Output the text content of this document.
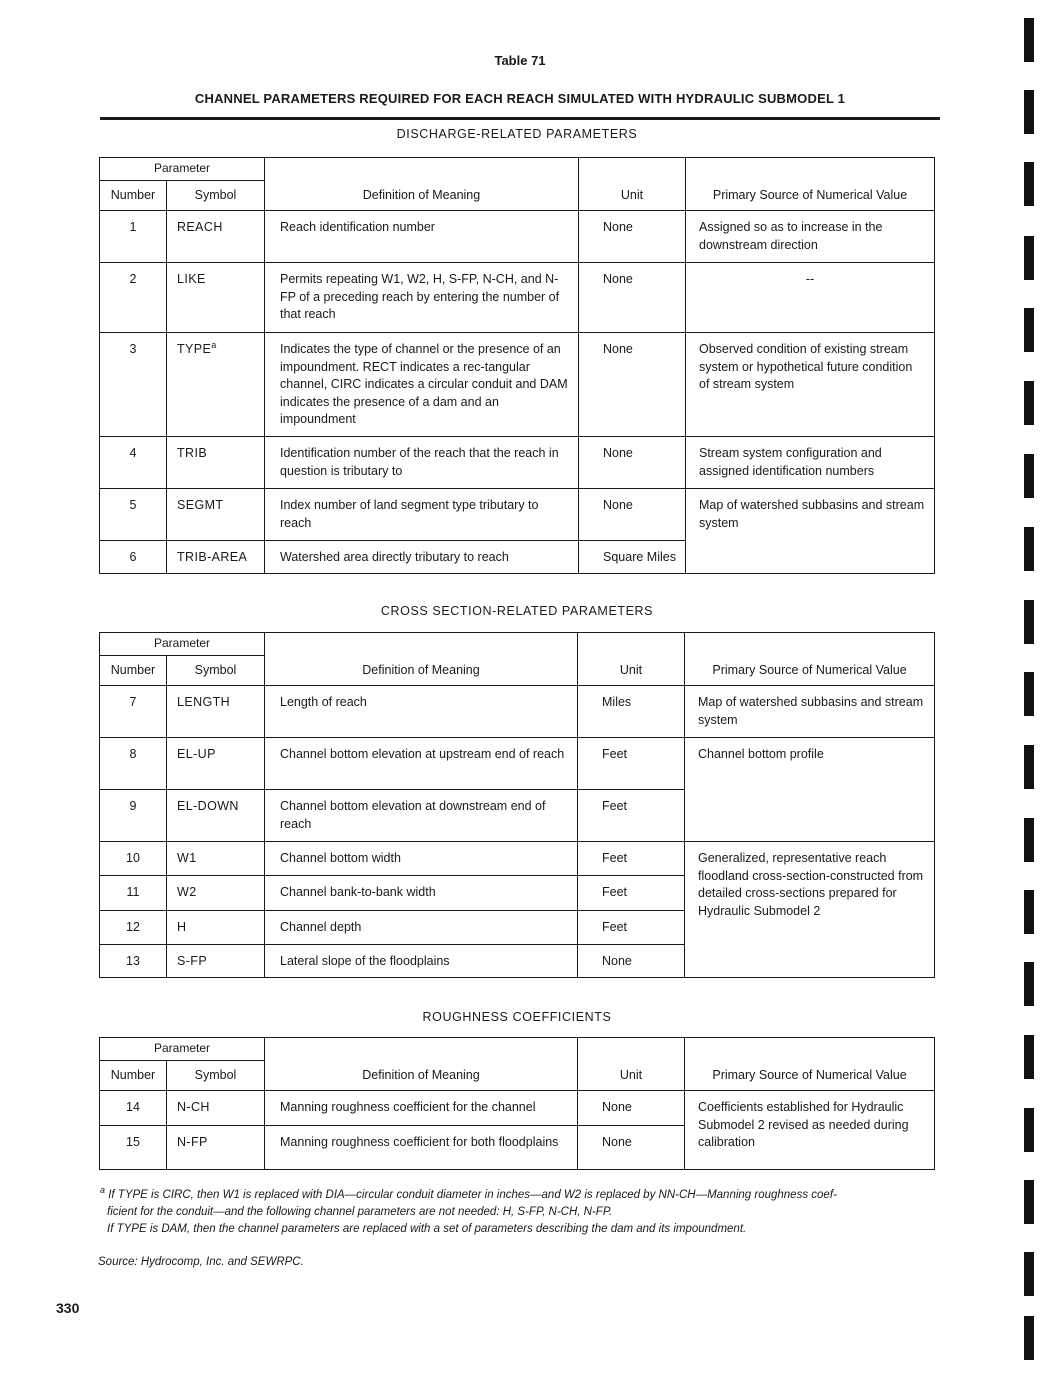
Table 71
CHANNEL PARAMETERS REQUIRED FOR EACH REACH SIMULATED WITH HYDRAULIC SUBMODEL 1
DISCHARGE-RELATED PARAMETERS
Parameter		Definition of Meaning	Unit	Primary Source of Numerical Value
Number	Symbol			
1	REACH	Reach identification number	None	Assigned so as to increase in the downstream direction
2	LIKE	Permits repeating W1, W2, H, S-FP, N-CH, and N-FP of a preceding reach by entering the number of that reach	None	--
3	TYPE$^a$	Indicates the type of channel or the presence of an impoundment. RECT indicates a rec-tangular channel, CIRC indicates a circular conduit and DAM indicates the presence of a dam and an impoundment	None	Observed condition of existing stream system or hypothetical future condition of stream system
4	TRIB	Identification number of the reach that the reach in question is tributary to	None	Stream system configuration and assigned identification numbers
5	SEGMT	Index number of land segment type tributary to reach	None	Map of watershed subbasins and stream system
6	TRIB-AREA	Watershed area directly tributary to reach	Square Miles	
CROSS SECTION-RELATED PARAMETERS
Parameter		Definition of Meaning	Unit	Primary Source of Numerical Value
Number	Symbol			
7	LENGTH	Length of reach	Miles	Map of watershed subbasins and stream system
8	EL-UP	Channel bottom elevation at upstream end of reach	Feet	Channel bottom profile
9	EL-DOWN	Channel bottom elevation at downstream end of reach	Feet	
10	W1	Channel bottom width	Feet	Generalized, representative reach floodland cross-section-constructed from detailed cross-sections prepared for Hydraulic Submodel 2
11	W2	Channel bank-to-bank width	Feet	
12	H	Channel depth	Feet	
13	S-FP	Lateral slope of the floodplains	None	
ROUGHNESS COEFFICIENTS
Parameter		Definition of Meaning	Unit	Primary Source of Numerical Value
Number	Symbol			
14	N-CH	Manning roughness coefficient for the channel	None	Coefficients established for Hydraulic Submodel 2 revised as needed during calibration
15	N-FP	Manning roughness coefficient for both floodplains	None	
$^a$ If TYPE is CIRC, then W1 is replaced with DIA—circular conduit diameter in inches—and W2 is replaced by NN-CH—Manning roughness coef-
ficient for the conduit—and the following channel parameters are not needed: H, S-FP, N-CH, N-FP.
If TYPE is DAM, then the channel parameters are replaced with a set of parameters describing the dam and its impoundment.
Source: Hydrocomp, Inc. and SEWRPC.
330
